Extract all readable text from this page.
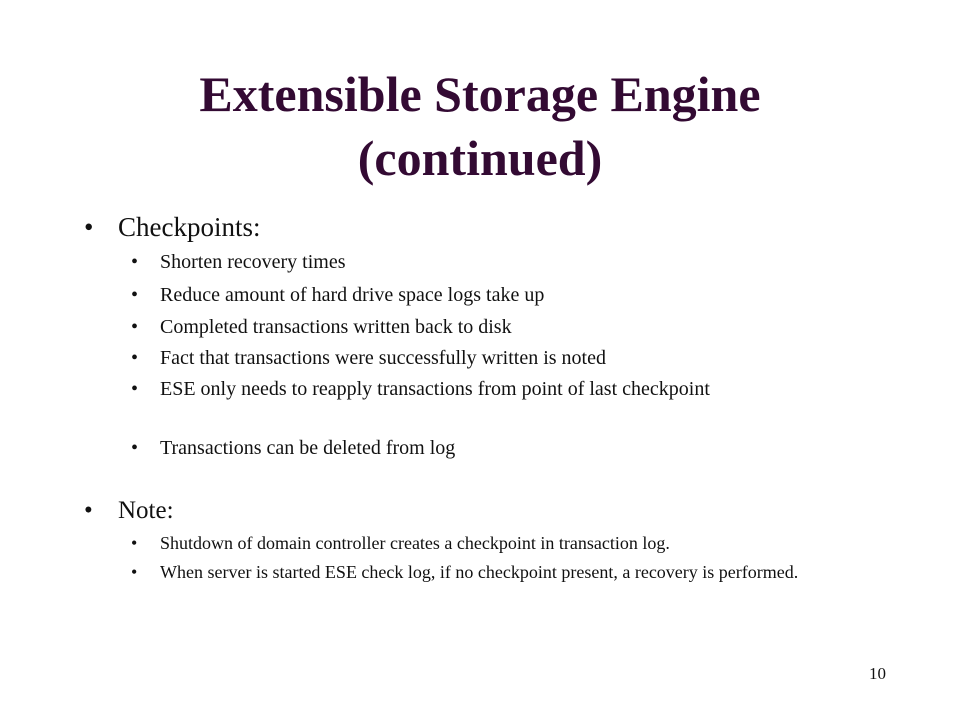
Extensible Storage Engine
(continued)
• Checkpoints:
• Shorten recovery times
• Reduce amount of hard drive space logs take up
• Completed transactions written back to disk
• Fact that transactions were successfully written is noted
• ESE only needs to reapply transactions from point of last checkpoint
• Transactions can be deleted from log
• Note:
• Shutdown of domain controller creates a checkpoint in transaction log.
• When server is started ESE check log, if no checkpoint present, a recovery is performed.
10
